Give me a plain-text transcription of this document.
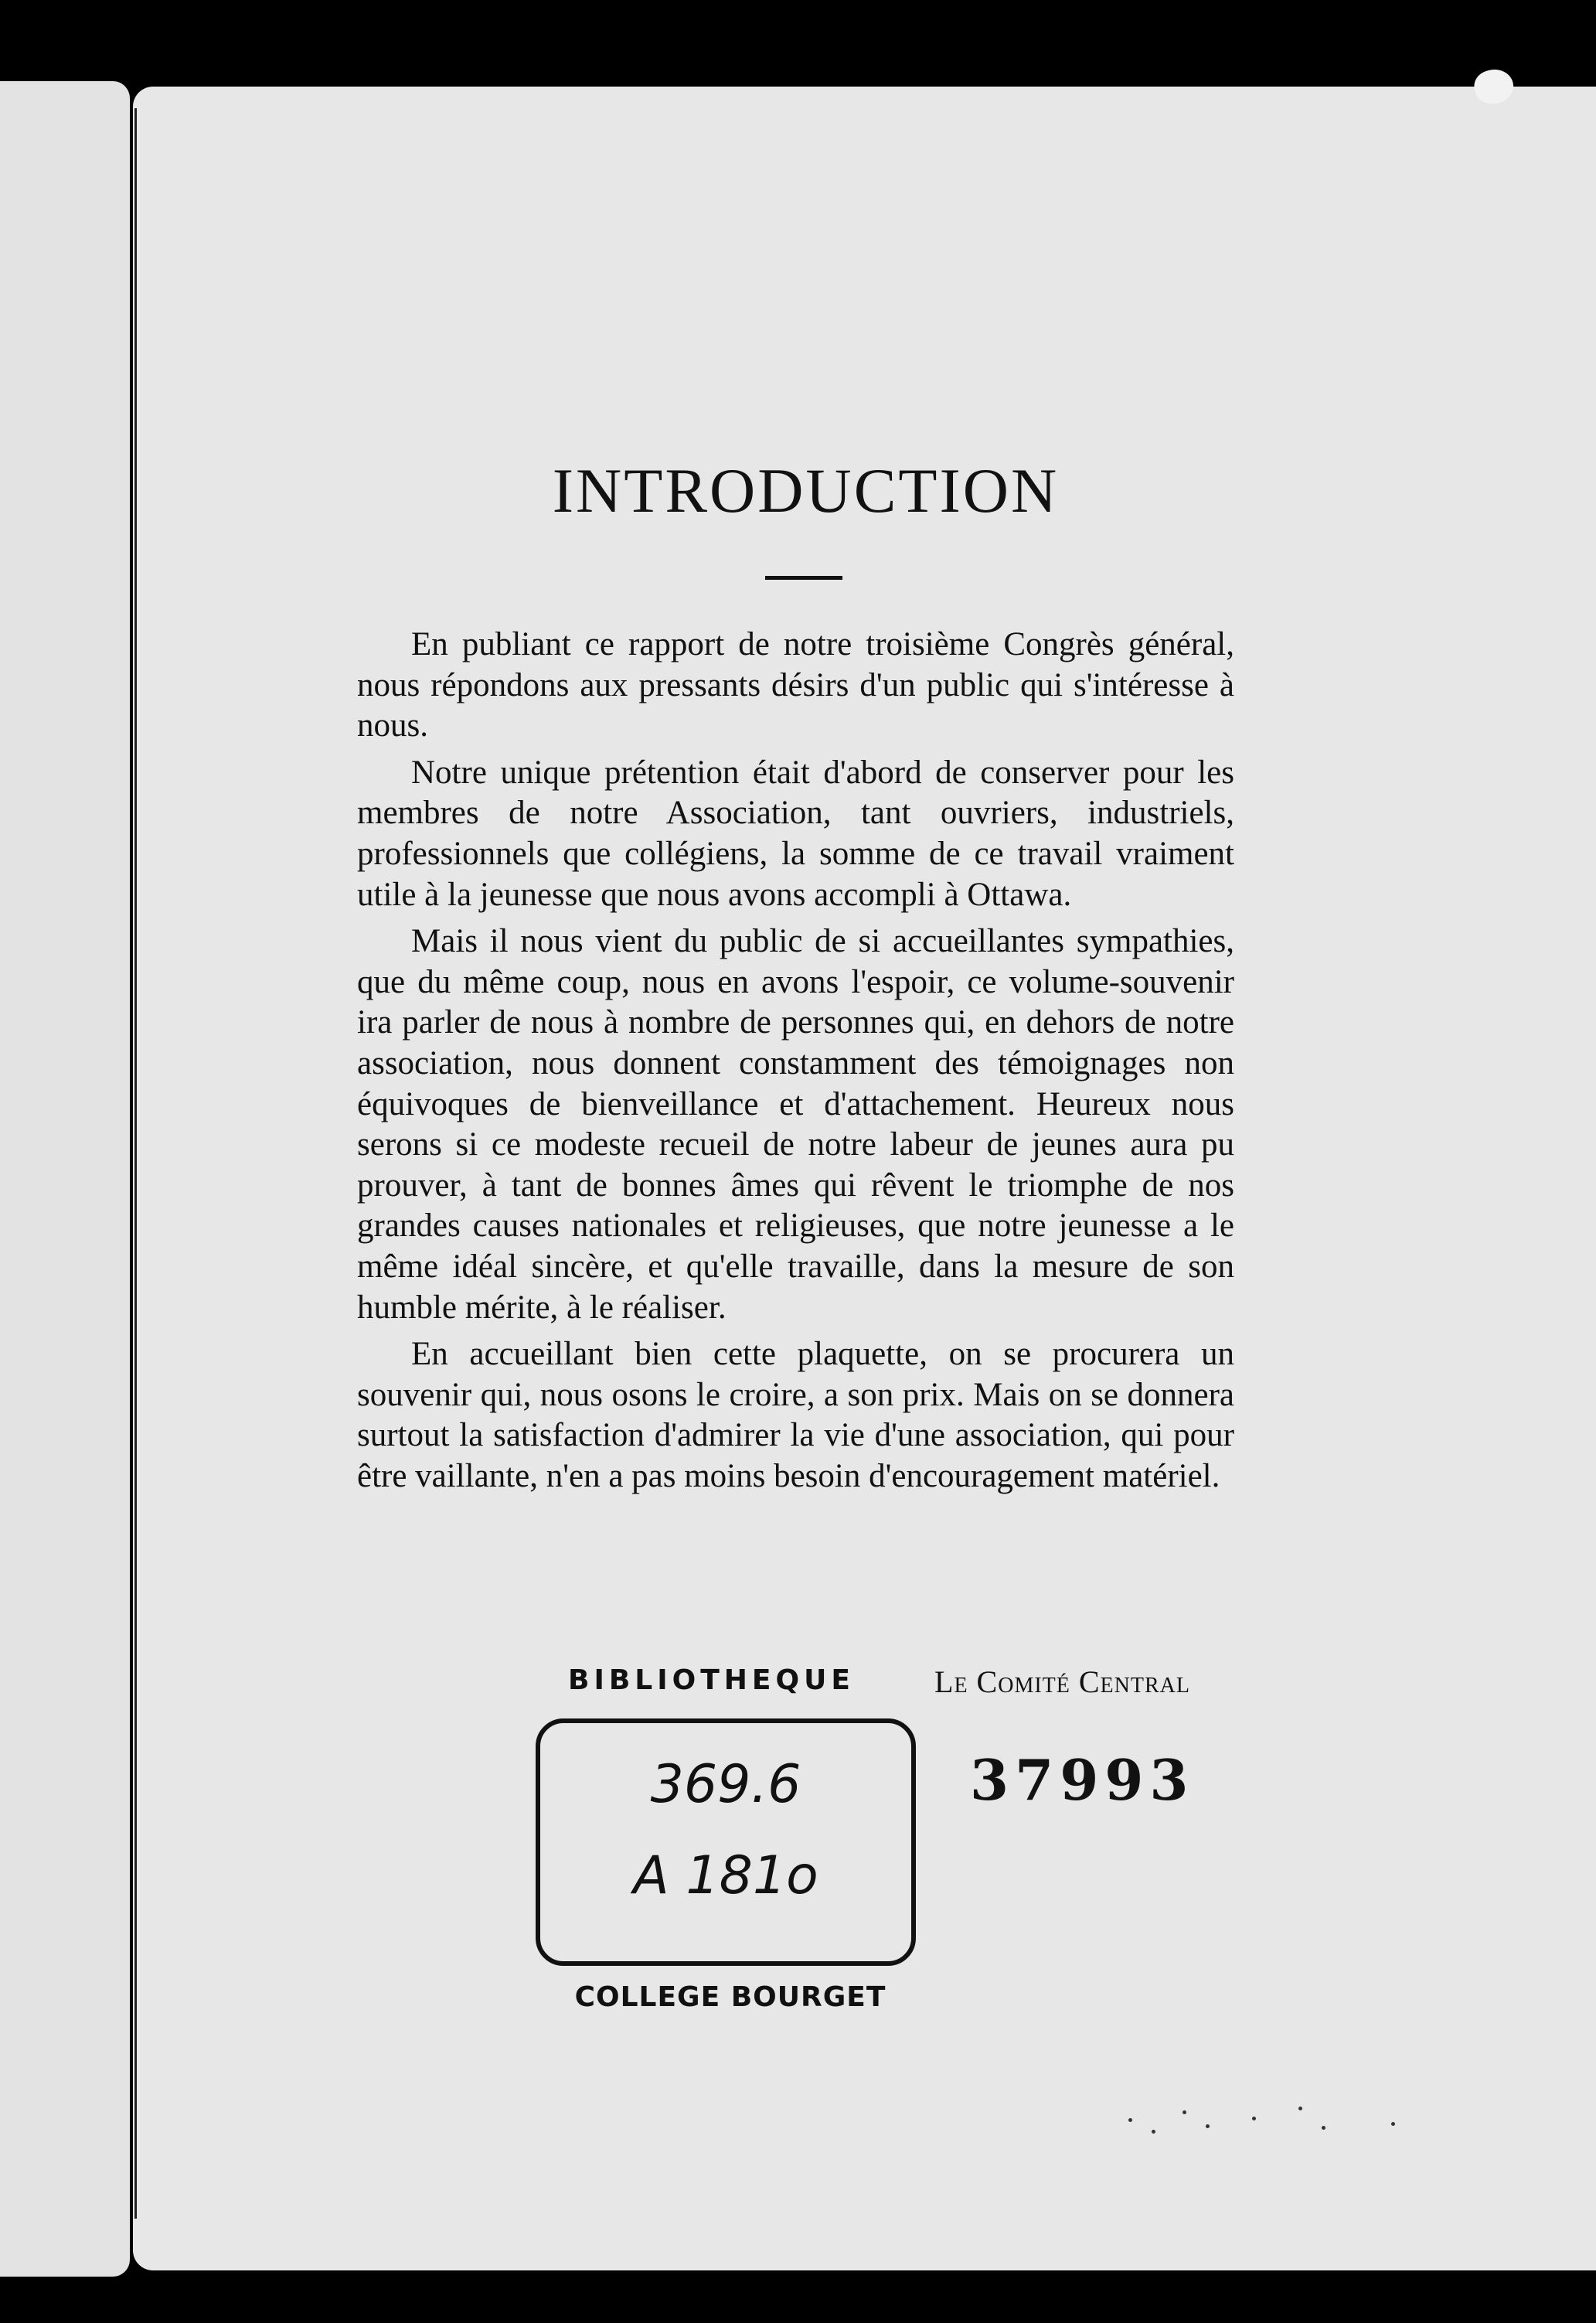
INTRODUCTION

En publiant ce rapport de notre troisième Congrès général, nous répondons aux pressants désirs d'un public qui s'intéresse à nous.

Notre unique prétention était d'abord de conserver pour les membres de notre Association, tant ouvriers, industriels, professionnels que collégiens, la somme de ce travail vraiment utile à la jeunesse que nous avons accompli à Ottawa.

Mais il nous vient du public de si accueillantes sympathies, que du même coup, nous en avons l'espoir, ce volume-souvenir ira parler de nous à nombre de personnes qui, en dehors de notre association, nous donnent constamment des témoignages non équivoques de bienveillance et d'attachement. Heureux nous serons si ce modeste recueil de notre labeur de jeunes aura pu prouver, à tant de bonnes âmes qui rêvent le triomphe de nos grandes causes nationales et religieuses, que notre jeunesse a le même idéal sincère, et qu'elle travaille, dans la mesure de son humble mérite, à le réaliser.

En accueillant bien cette plaquette, on se procurera un souvenir qui, nous osons le croire, a son prix. Mais on se donnera surtout la satisfaction d'admirer la vie d'une association, qui pour être vaillante, n'en a pas moins besoin d'encouragement matériel.

BIBLIOTHEQUE	Le Comité Central
369.6
A 181o
COLLEGE BOURGET
37993
